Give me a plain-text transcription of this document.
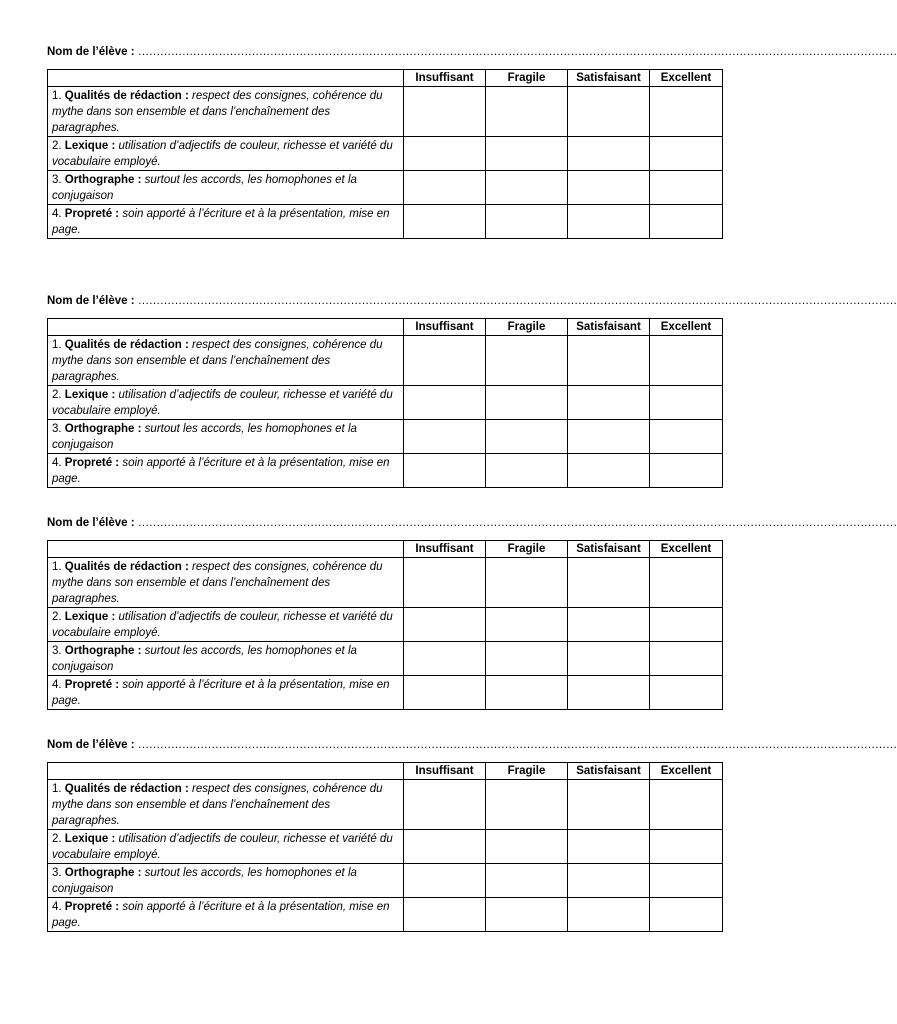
Nom de l’élève : ………………………………………………………………………………………………………………………………………………………………………………………
	Insuffisant	Fragile	Satisfaisant	Excellent
1. Qualités de rédaction : respect des consignes, cohérence du mythe dans son ensemble et dans l’enchaînement des paragraphes.				
2. Lexique : utilisation d’adjectifs de couleur, richesse et variété du vocabulaire employé.				
3. Orthographe : surtout les accords, les homophones et la conjugaison				
4. Propreté : soin apporté à l’écriture et à la présentation, mise en page.				
Nom de l’élève : ………………………………………………………………………………………………………………………………………………………………………………………
	Insuffisant	Fragile	Satisfaisant	Excellent
1. Qualités de rédaction : respect des consignes, cohérence du mythe dans son ensemble et dans l’enchaînement des paragraphes.				
2. Lexique : utilisation d’adjectifs de couleur, richesse et variété du vocabulaire employé.				
3. Orthographe : surtout les accords, les homophones et la conjugaison				
4. Propreté : soin apporté à l’écriture et à la présentation, mise en page.				
Nom de l’élève : ………………………………………………………………………………………………………………………………………………………………………………………
	Insuffisant	Fragile	Satisfaisant	Excellent
1. Qualités de rédaction : respect des consignes, cohérence du mythe dans son ensemble et dans l’enchaînement des paragraphes.				
2. Lexique : utilisation d’adjectifs de couleur, richesse et variété du vocabulaire employé.				
3. Orthographe : surtout les accords, les homophones et la conjugaison				
4. Propreté : soin apporté à l’écriture et à la présentation, mise en page.				
Nom de l’élève : ………………………………………………………………………………………………………………………………………………………………………………………
	Insuffisant	Fragile	Satisfaisant	Excellent
1. Qualités de rédaction : respect des consignes, cohérence du mythe dans son ensemble et dans l’enchaînement des paragraphes.				
2. Lexique : utilisation d’adjectifs de couleur, richesse et variété du vocabulaire employé.				
3. Orthographe : surtout les accords, les homophones et la conjugaison				
4. Propreté : soin apporté à l’écriture et à la présentation, mise en page.				
